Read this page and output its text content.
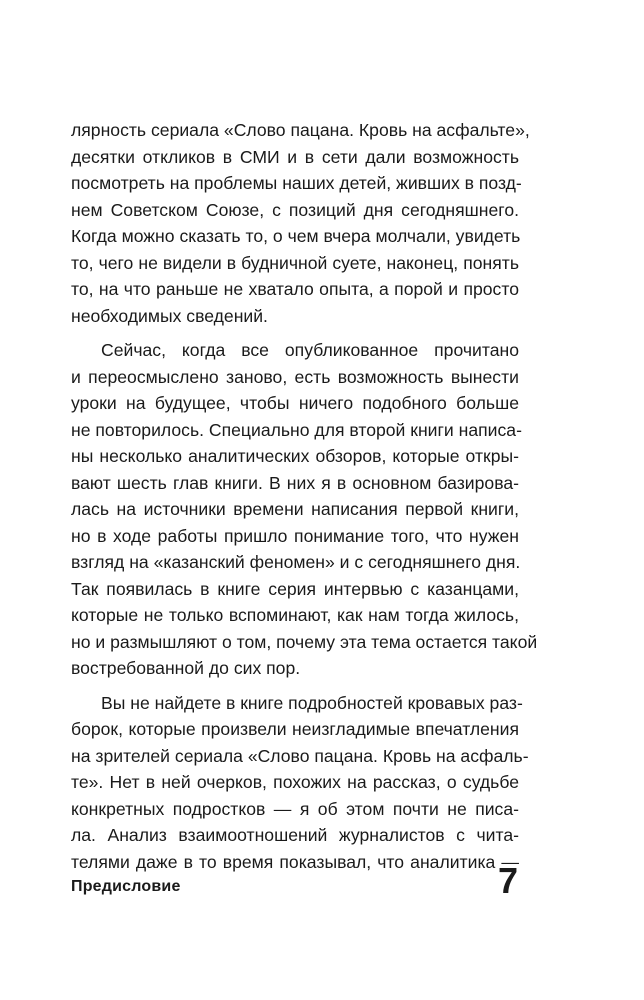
лярность сериала «Слово пацана. Кровь на асфальте»,
десятки откликов в СМИ и в сети дали возможность
посмотреть на проблемы наших детей, живших в позд-
нем Советском Союзе, с позиций дня сегодняшнего.
Когда можно сказать то, о чем вчера молчали, увидеть
то, чего не видели в будничной суете, наконец, понять
то, на что раньше не хватало опыта, а порой и просто
необходимых сведений.
Сейчас, когда все опубликованное прочитано
и переосмыслено заново, есть возможность вынести
уроки на будущее, чтобы ничего подобного больше
не повторилось. Специально для второй книги написа-
ны несколько аналитических обзоров, которые откры-
вают шесть глав книги. В них я в основном базирова-
лась на источники времени написания первой книги,
но в ходе работы пришло понимание того, что нужен
взгляд на «казанский феномен» и с сегодняшнего дня.
Так появилась в книге серия интервью с казанцами,
которые не только вспоминают, как нам тогда жилось,
но и размышляют о том, почему эта тема остается такой
востребованной до сих пор.
Вы не найдете в книге подробностей кровавых раз-
борок, которые произвели неизгладимые впечатления
на зрителей сериала «Слово пацана. Кровь на асфаль-
те». Нет в ней очерков, похожих на рассказ, о судьбе
конкретных подростков — я об этом почти не писа-
ла. Анализ взаимоотношений журналистов с чита-
телями даже в то время показывал, что аналитика —
Предисловие	7
